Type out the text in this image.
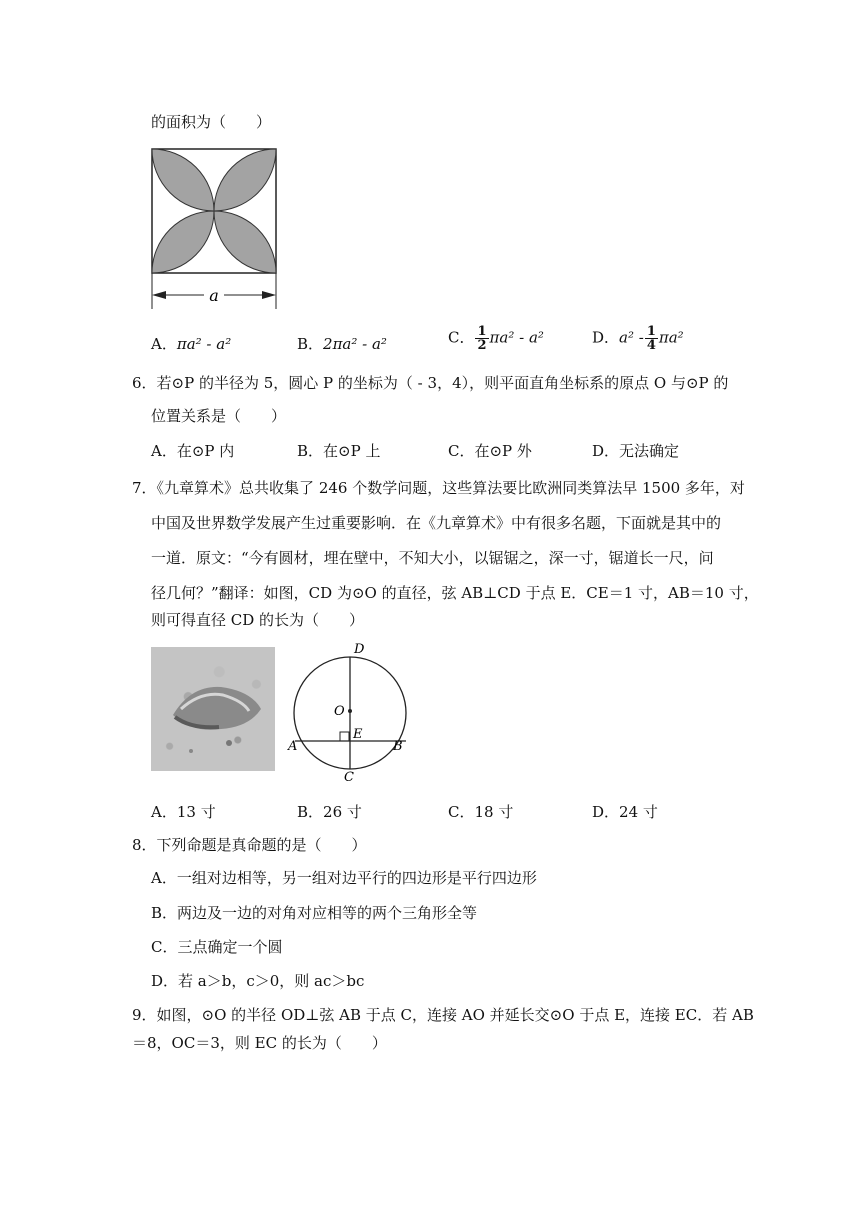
的面积为（　　）
a
A．πa² - a²	B．2πa² - a²	C． $\frac{1}{2} \pi a^2 - a^2$	D．$a^2 - \frac{1}{4} \pi a^2$
6．若⊙P 的半径为 5，圆心 P 的坐标为（ - 3，4），则平面直角坐标系的原点 O 与⊙P 的
位置关系是（　　）
A．在⊙P 内	B．在⊙P 上	C．在⊙P 外	D．无法确定
7．《九章算术》总共收集了 246 个数学问题，这些算法要比欧洲同类算法早 1500 多年，对
中国及世界数学发展产生过重要影响．在《九章算术》中有很多名题，下面就是其中的
一道．原文：“今有圆材，埋在壁中，不知大小，以锯锯之，深一寸，锯道长一尺，问
径几何？”翻译：如图，CD 为⊙O 的直径，弦 AB⊥CD 于点 E．CE＝1 寸，AB＝10 寸，
则可得直径 CD 的长为（　　）
D
O
E
A	B
C
A．13 寸	B．26 寸	C．18 寸	D．24 寸
8．下列命题是真命题的是（　　）
A．一组对边相等，另一组对边平行的四边形是平行四边形
B．两边及一边的对角对应相等的两个三角形全等
C．三点确定一个圆
D．若 a＞b，c＞0，则 ac＞bc
9．如图，⊙O 的半径 OD⊥弦 AB 于点 C，连接 AO 并延长交⊙O 于点 E，连接 EC．若 AB
＝8，OC＝3，则 EC 的长为（　　）
